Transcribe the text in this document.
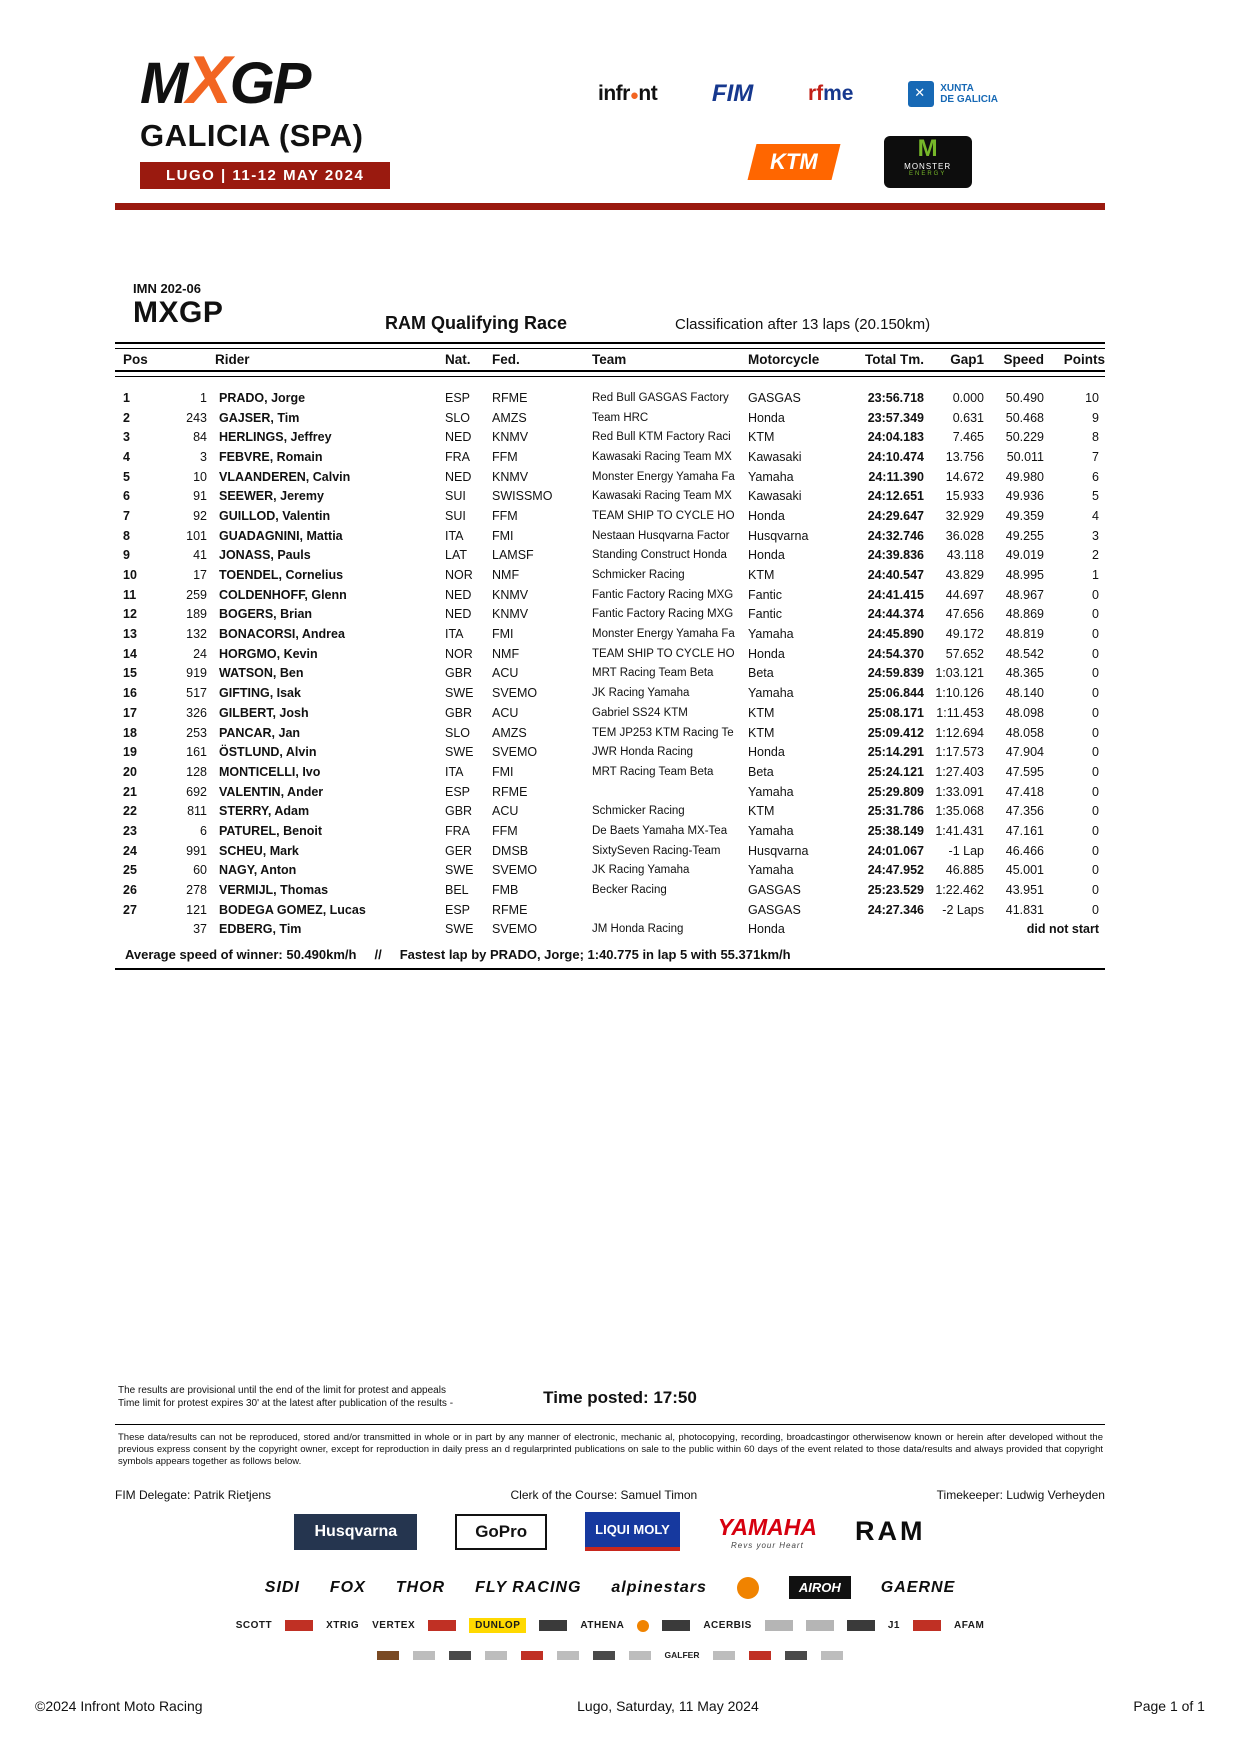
MXGP
GALICIA (SPA)
LUGO | 11-12 MAY 2024
infr●nt FIM	rfme ✕	XUNTA
DE GALICIA
KTM	M
MONSTER
ENERGY
IMN 202-06
MXGP	RAM Qualifying Race	Classification after 13 laps (20.150km)
Pos		Rider	Nat.	Fed.	Team	Motorcycle	Total Tm.	Gap1	Speed	Points
1	1	PRADO, Jorge	ESP	RFME	Red Bull GASGAS Factory	GASGAS	23:56.718	0.000	50.490	10
2	243	GAJSER, Tim	SLO	AMZS	Team HRC	Honda	23:57.349	0.631	50.468	9
3	84	HERLINGS, Jeffrey	NED	KNMV	Red Bull KTM Factory Raci	KTM	24:04.183	7.465	50.229	8
4	3	FEBVRE, Romain	FRA	FFM	Kawasaki Racing Team MX	Kawasaki	24:10.474	13.756	50.011	7
5	10	VLAANDEREN, Calvin	NED	KNMV	Monster Energy Yamaha Fa	Yamaha	24:11.390	14.672	49.980	6
6	91	SEEWER, Jeremy	SUI	SWISSMO	Kawasaki Racing Team MX	Kawasaki	24:12.651	15.933	49.936	5
7	92	GUILLOD, Valentin	SUI	FFM	TEAM SHIP TO CYCLE HO	Honda	24:29.647	32.929	49.359	4
8	101	GUADAGNINI, Mattia	ITA	FMI	Nestaan Husqvarna Factor	Husqvarna	24:32.746	36.028	49.255	3
9	41	JONASS, Pauls	LAT	LAMSF	Standing Construct Honda	Honda	24:39.836	43.118	49.019	2
10	17	TOENDEL, Cornelius	NOR	NMF	Schmicker Racing	KTM	24:40.547	43.829	48.995	1
11	259	COLDENHOFF, Glenn	NED	KNMV	Fantic Factory Racing MXG	Fantic	24:41.415	44.697	48.967	0
12	189	BOGERS, Brian	NED	KNMV	Fantic Factory Racing MXG	Fantic	24:44.374	47.656	48.869	0
13	132	BONACORSI, Andrea	ITA	FMI	Monster Energy Yamaha Fa	Yamaha	24:45.890	49.172	48.819	0
14	24	HORGMO, Kevin	NOR	NMF	TEAM SHIP TO CYCLE HO	Honda	24:54.370	57.652	48.542	0
15	919	WATSON, Ben	GBR	ACU	MRT Racing Team Beta	Beta	24:59.839	1:03.121	48.365	0
16	517	GIFTING, Isak	SWE	SVEMO	JK Racing Yamaha	Yamaha	25:06.844	1:10.126	48.140	0
17	326	GILBERT, Josh	GBR	ACU	Gabriel SS24 KTM	KTM	25:08.171	1:11.453	48.098	0
18	253	PANCAR, Jan	SLO	AMZS	TEM JP253 KTM Racing Te	KTM	25:09.412	1:12.694	48.058	0
19	161	ÖSTLUND, Alvin	SWE	SVEMO	JWR Honda Racing	Honda	25:14.291	1:17.573	47.904	0
20	128	MONTICELLI, Ivo	ITA	FMI	MRT Racing Team Beta	Beta	25:24.121	1:27.403	47.595	0
21	692	VALENTIN, Ander	ESP	RFME		Yamaha	25:29.809	1:33.091	47.418	0
22	811	STERRY, Adam	GBR	ACU	Schmicker Racing	KTM	25:31.786	1:35.068	47.356	0
23	6	PATUREL, Benoit	FRA	FFM	De Baets Yamaha MX-Tea	Yamaha	25:38.149	1:41.431	47.161	0
24	991	SCHEU, Mark	GER	DMSB	SixtySeven Racing-Team	Husqvarna	24:01.067	-1 Lap	46.466	0
25	60	NAGY, Anton	SWE	SVEMO	JK Racing Yamaha	Yamaha	24:47.952	46.885	45.001	0
26	278	VERMIJL, Thomas	BEL	FMB	Becker Racing	GASGAS	25:23.529	1:22.462	43.951	0
27	121	BODEGA GOMEZ, Lucas	ESP	RFME		GASGAS	24:27.346	-2 Laps	41.831	0
	37	EDBERG, Tim	SWE	SVEMO	JM Honda Racing	Honda			did not start	
Average speed of winner: 50.490km/h // Fastest lap by PRADO, Jorge; 1:40.775 in lap 5 with 55.371km/h
The results are provisional until the end of the limit for protest and appeals
Time limit for protest expires 30' at the latest after publication of the results -	Time posted: 17:50
These data/results can not be reproduced, stored and/or transmitted in whole or in part by any manner of electronic, mechanic al, photocopying, recording, broadcastingor otherwisenow known or herein after developed without the previous express consent by the copyright owner, except for reproduction in daily press an d regularprinted publications on sale to the public within 60 days of the event related to those data/results and always provided that copyright symbols appears together as follows below.
FIM Delegate: Patrik Rietjens	Clerk of the Course: Samuel Timon	Timekeeper: Ludwig Verheyden
Husqvarna	GoPro	LIQUI MOLY	YAMAHA
Revs your Heart	RAM
SIDI FOX THOR FLY RACING alpinestars	AIROH	GAERNE
SCOTT	XTRIG VERTEX	DUNLOP	ATHENA	ACERBIS	J1	AFAM
GALFER
©2024 Infront Moto Racing	Lugo, Saturday, 11 May 2024	Page 1 of 1
